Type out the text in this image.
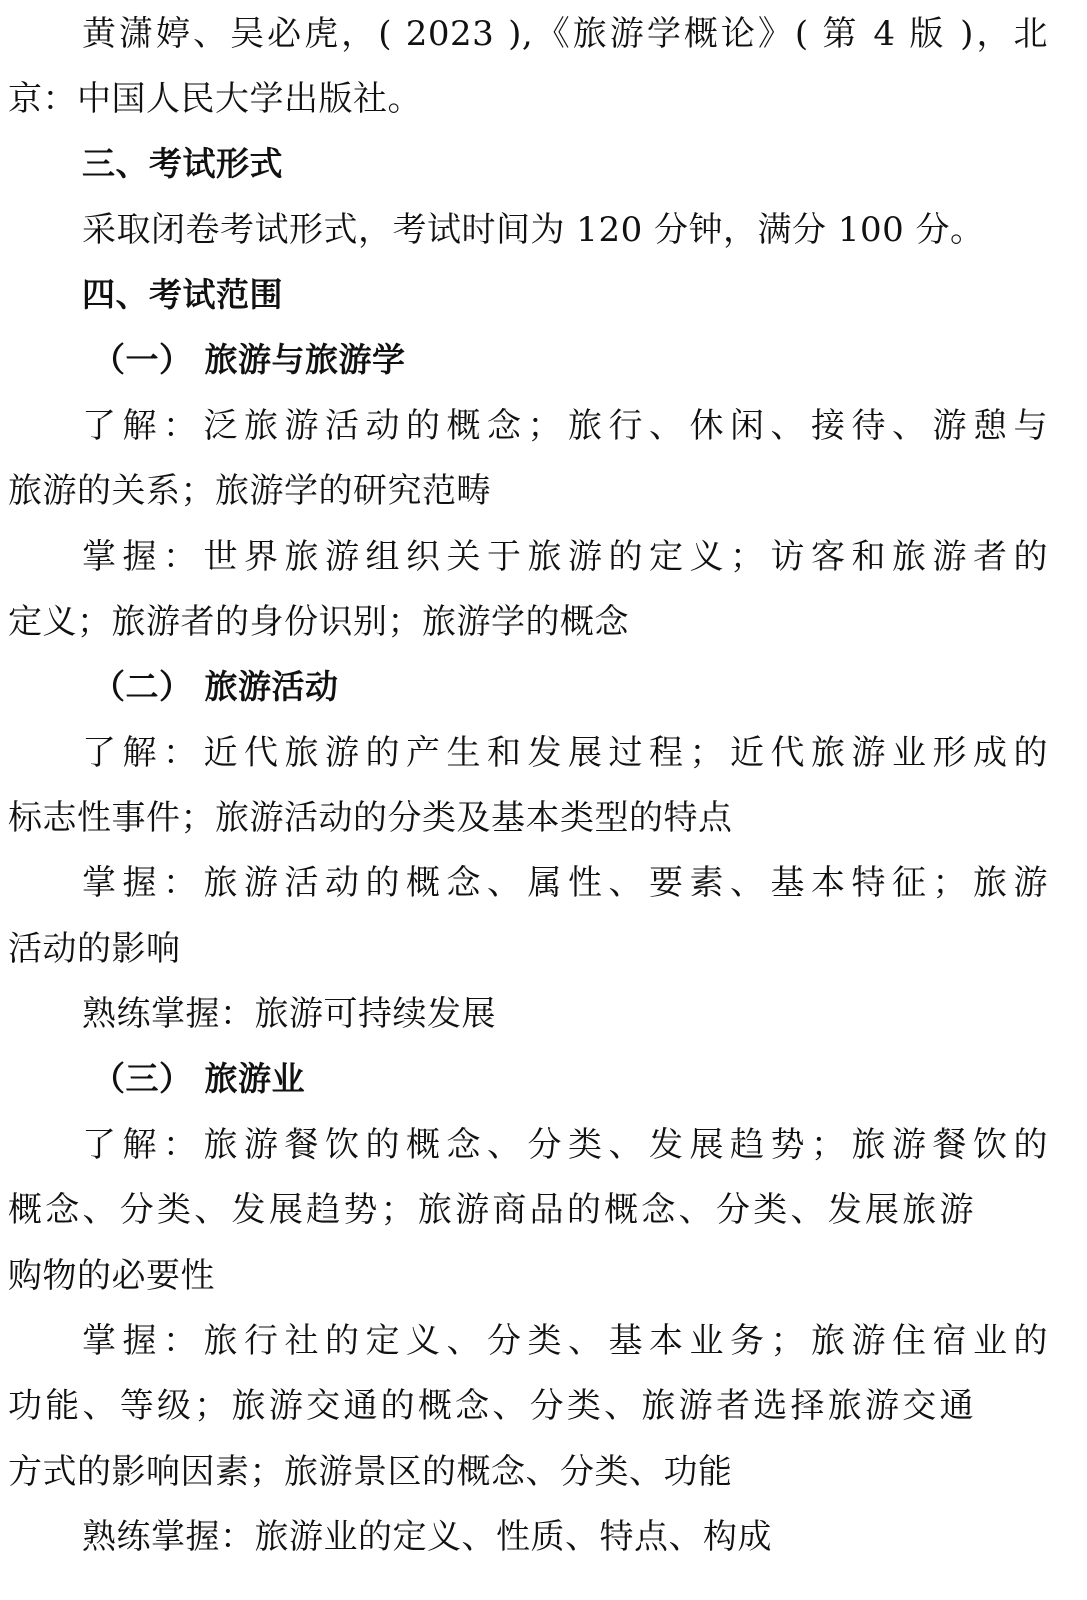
黄潇婷、吴必虎，( 2023 ),《旅游学概论》( 第 4 版 )，北
京：中国人民大学出版社。
三、考试形式
采取闭卷考试形式，考试时间为 120 分钟，满分 100 分。
四、考试范围
（一） 旅游与旅游学
了解：泛旅游活动的概念；旅行、休闲、接待、游憩与
旅游的关系；旅游学的研究范畴
掌握：世界旅游组织关于旅游的定义；访客和旅游者的
定义；旅游者的身份识别；旅游学的概念
（二） 旅游活动
了解：近代旅游的产生和发展过程；近代旅游业形成的
标志性事件；旅游活动的分类及基本类型的特点
掌握：旅游活动的概念、属性、要素、基本特征；旅游
活动的影响
熟练掌握：旅游可持续发展
（三） 旅游业
了解：旅游餐饮的概念、分类、发展趋势；旅游餐饮的
概念、分类、发展趋势；旅游商品的概念、分类、发展旅游
购物的必要性
掌握：旅行社的定义、分类、基本业务；旅游住宿业的
功能、等级；旅游交通的概念、分类、旅游者选择旅游交通
方式的影响因素；旅游景区的概念、分类、功能
熟练掌握：旅游业的定义、性质、特点、构成
